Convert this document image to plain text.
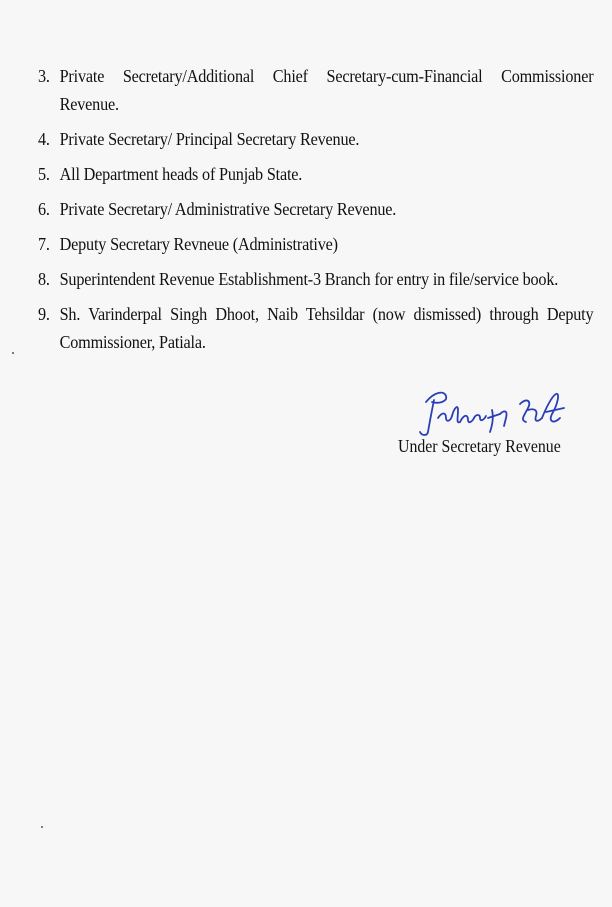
3. Private Secretary/Additional Chief Secretary-cum-Financial Commissioner Revenue.
4. Private Secretary/ Principal Secretary Revenue.
5. All Department heads of Punjab State.
6. Private Secretary/ Administrative Secretary Revenue.
7. Deputy Secretary Revneue (Administrative)
8. Superintendent Revenue Establishment-3 Branch for entry in file/service book.
9. Sh. Varinderpal Singh Dhoot, Naib Tehsildar (now dismissed) through Deputy Commissioner, Patiala.
Under Secretary Revenue
